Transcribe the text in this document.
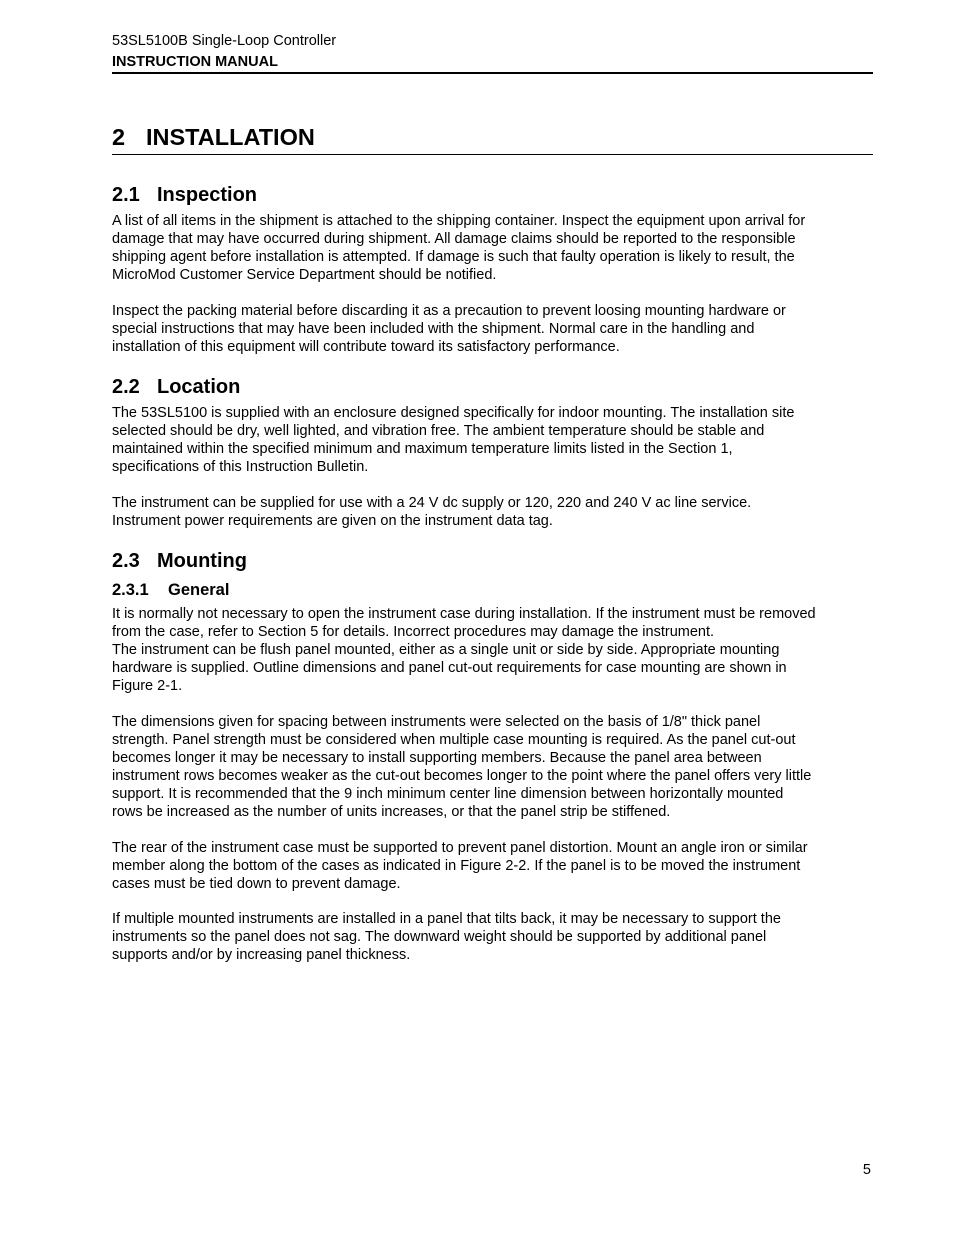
53SL5100B Single-Loop Controller
INSTRUCTION MANUAL
2 INSTALLATION
2.1 Inspection
A list of all items in the shipment is attached to the shipping container. Inspect the equipment upon arrival for
damage that may have occurred during shipment. All damage claims should be reported to the responsible
shipping agent before installation is attempted. If damage is such that faulty operation is likely to result, the
MicroMod Customer Service Department should be notified.
Inspect the packing material before discarding it as a precaution to prevent loosing mounting hardware or
special instructions that may have been included with the shipment. Normal care in the handling and
installation of this equipment will contribute toward its satisfactory performance.
2.2 Location
The 53SL5100 is supplied with an enclosure designed specifically for indoor mounting. The installation site
selected should be dry, well lighted, and vibration free. The ambient temperature should be stable and
maintained within the specified minimum and maximum temperature limits listed in the Section 1,
specifications of this Instruction Bulletin.
The instrument can be supplied for use with a 24 V dc supply or 120, 220 and 240 V ac line service.
Instrument power requirements are given on the instrument data tag.
2.3 Mounting
2.3.1 General
It is normally not necessary to open the instrument case during installation. If the instrument must be removed
from the case, refer to Section 5 for details. Incorrect procedures may damage the instrument.
The instrument can be flush panel mounted, either as a single unit or side by side. Appropriate mounting
hardware is supplied. Outline dimensions and panel cut-out requirements for case mounting are shown in
Figure 2-1.
The dimensions given for spacing between instruments were selected on the basis of 1/8" thick panel
strength. Panel strength must be considered when multiple case mounting is required. As the panel cut-out
becomes longer it may be necessary to install supporting members. Because the panel area between
instrument rows becomes weaker as the cut-out becomes longer to the point where the panel offers very little
support. It is recommended that the 9 inch minimum center line dimension between horizontally mounted
rows be increased as the number of units increases, or that the panel strip be stiffened.
The rear of the instrument case must be supported to prevent panel distortion. Mount an angle iron or similar
member along the bottom of the cases as indicated in Figure 2-2. If the panel is to be moved the instrument
cases must be tied down to prevent damage.
If multiple mounted instruments are installed in a panel that tilts back, it may be necessary to support the
instruments so the panel does not sag. The downward weight should be supported by additional panel
supports and/or by increasing panel thickness.
5
